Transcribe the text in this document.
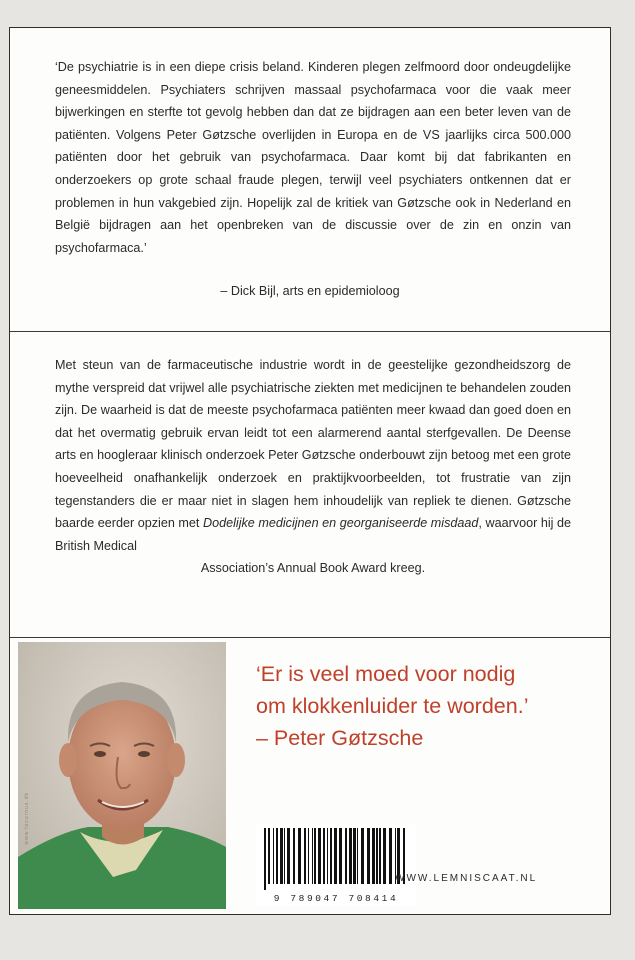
‘De psychiatrie is in een diepe crisis beland. Kinderen plegen zelfmoord door ondeugdelijke geneesmiddelen. Psychiaters schrijven massaal psychofarmaca voor die vaak meer bijwerkingen en sterfte tot gevolg hebben dan dat ze bijdragen aan een beter leven van de patiënten. Volgens Peter Gøtzsche overlijden in Europa en de VS jaarlijks circa 500.000 patiënten door het gebruik van psychofarmaca. Daar komt bij dat fabrikanten en onderzoekers op grote schaal fraude plegen, terwijl veel psychiaters ontkennen dat er problemen in hun vakgebied zijn. Hopelijk zal de kritiek van Gøtzsche ook in Nederland en België bijdragen aan het openbreken van de discussie over de zin en onzin van psychofarmaca.’

– Dick Bijl, arts en epidemioloog

Met steun van de farmaceutische industrie wordt in de geestelijke gezondheidszorg de mythe verspreid dat vrijwel alle psychiatrische ziekten met medicijnen te behandelen zouden zijn. De waarheid is dat de meeste psychofarmaca patiënten meer kwaad dan goed doen en dat het overmatig gebruik ervan leidt tot een alarmerend aantal sterfgevallen. De Deense arts en hoogleraar klinisch onderzoek Peter Gøtzsche onderbouwt zijn betoog met een grote hoeveelheid onafhankelijk onderzoek en praktijkvoorbeelden, tot frustratie van zijn tegenstanders die er maar niet in slagen hem inhoudelijk van repliek te dienen. Gøtzsche baarde eerder opzien met Dodelijke medicijnen en georganiseerde misdaad, waarvoor hij de British Medical
Association’s Annual Book Award kreeg.

www.locurnus.dk

‘Er is veel moed voor nodig
om klokkenluider te worden.’
– Peter Gøtzsche

9 789047 708414
WWW.LEMNISCAAT.NL
